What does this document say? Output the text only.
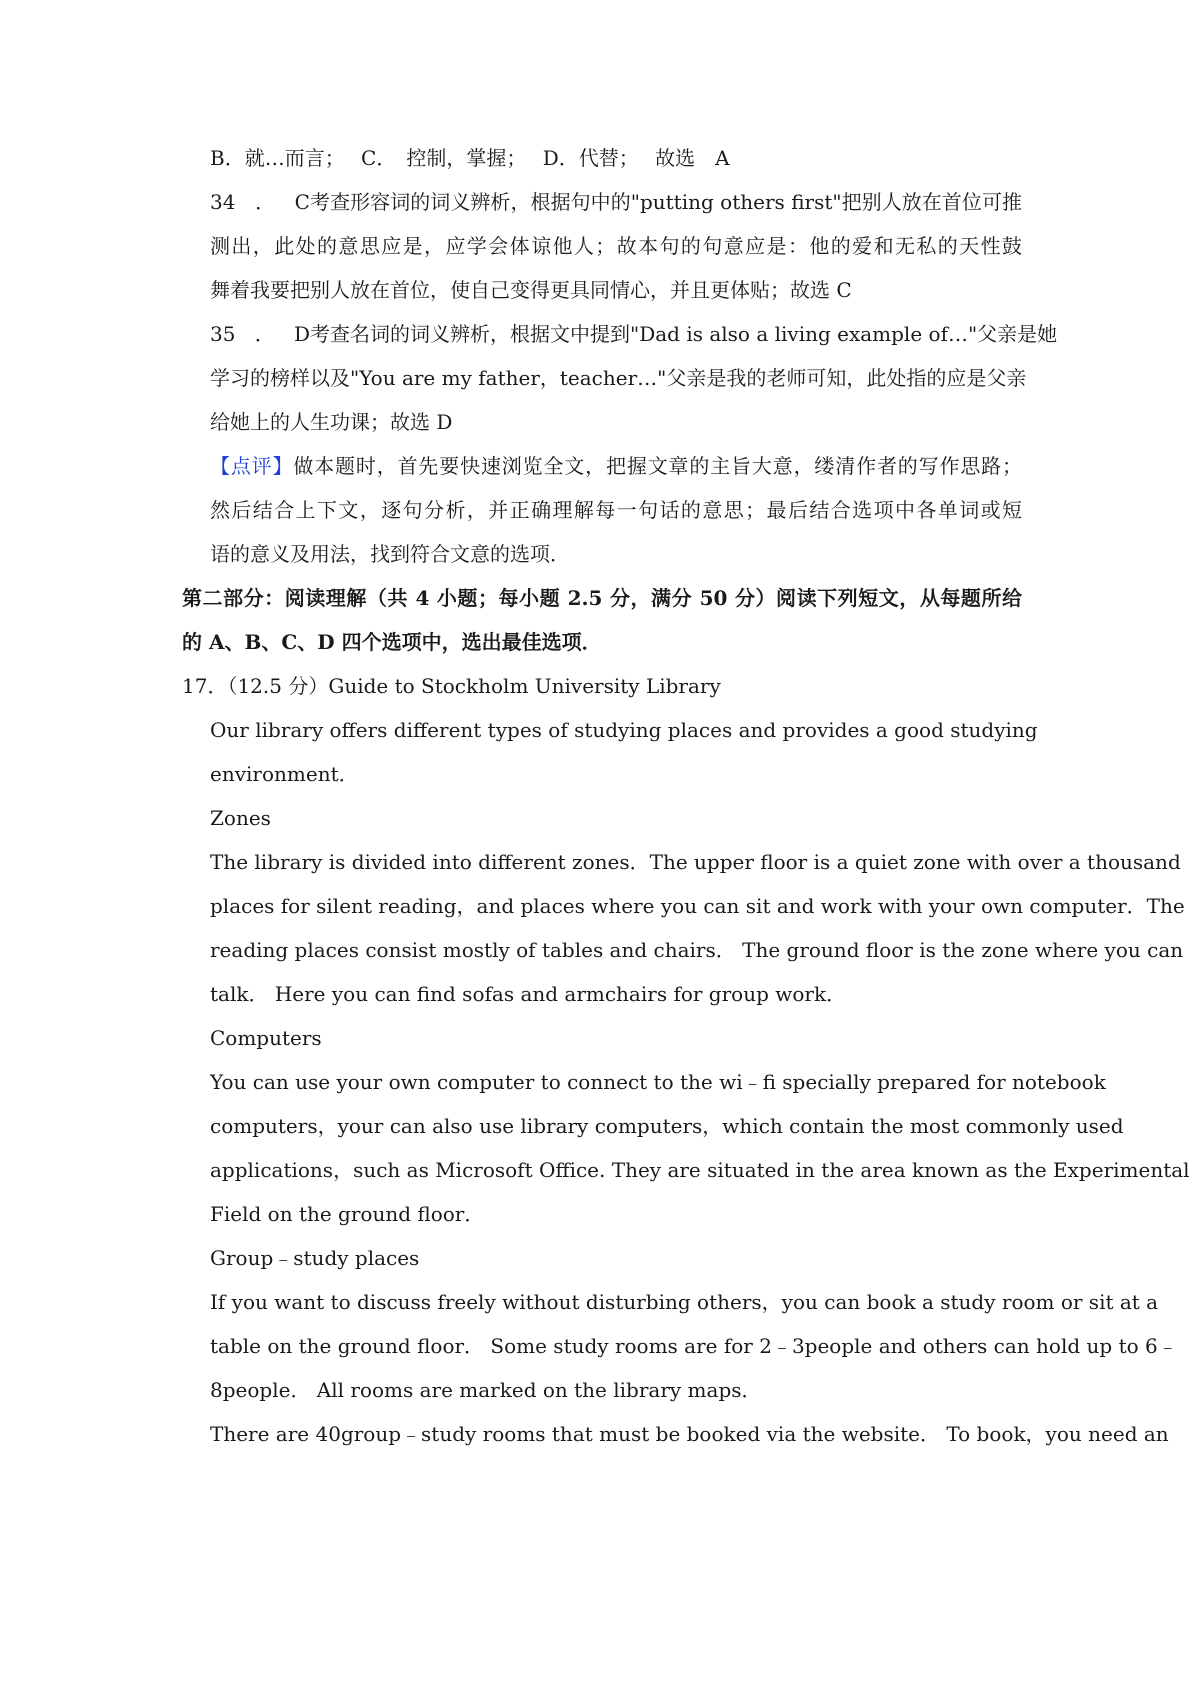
B．就…而言；　 C．　控制，掌握；　 D．代替；　 故选　A
34．C考查形容词的词义辨析，根据句中的"putting others first"把别人放在首位可推
测出，此处的意思应是，应学会体谅他人；故本句的句意应是：他的爱和无私的天性鼓
舞着我要把别人放在首位，使自己变得更具同情心，并且更体贴；故选 C
35．D考查名词的词义辨析，根据文中提到"Dad is also a living example of…"父亲是她
学习的榜样以及"You are my father，teacher…"父亲是我的老师可知，此处指的应是父亲
给她上的人生功课；故选 D
【点评】做本题时，首先要快速浏览全文，把握文章的主旨大意，缕清作者的写作思路；
然后结合上下文，逐句分析，并正确理解每一句话的意思；最后结合选项中各单词或短
语的意义及用法，找到符合文意的选项．
第二部分：阅读理解（共 4 小题；每小题 2.5 分，满分 50 分）阅读下列短文，从每题所给
的 A、B、C、D 四个选项中，选出最佳选项．
17．（12.5 分）Guide to Stockholm University Library
Our library offers different types of studying places and provides a good studying
environment．
Zones
The library is divided into different zones．The upper floor is a quiet zone with over a thousand
places for silent reading，and places where you can sit and work with your own computer．The
reading places consist mostly of tables and chairs． The ground floor is the zone where you can
talk． Here you can find sofas and armchairs for group work．
Computers
You can use your own computer to connect to the wi﹣fi specially prepared for notebook
computers，your can also use library computers，which contain the most commonly used
applications，such as Microsoft Office. They are situated in the area known as the Experimental
Field on the ground floor．
Group﹣study places
If you want to discuss freely without disturbing others，you can book a study room or sit at a
table on the ground floor． Some study rooms are for 2﹣3people and others can hold up to 6﹣
8people． All rooms are marked on the library maps．
There are 40group﹣study rooms that must be booked via the website． To book，you need an
